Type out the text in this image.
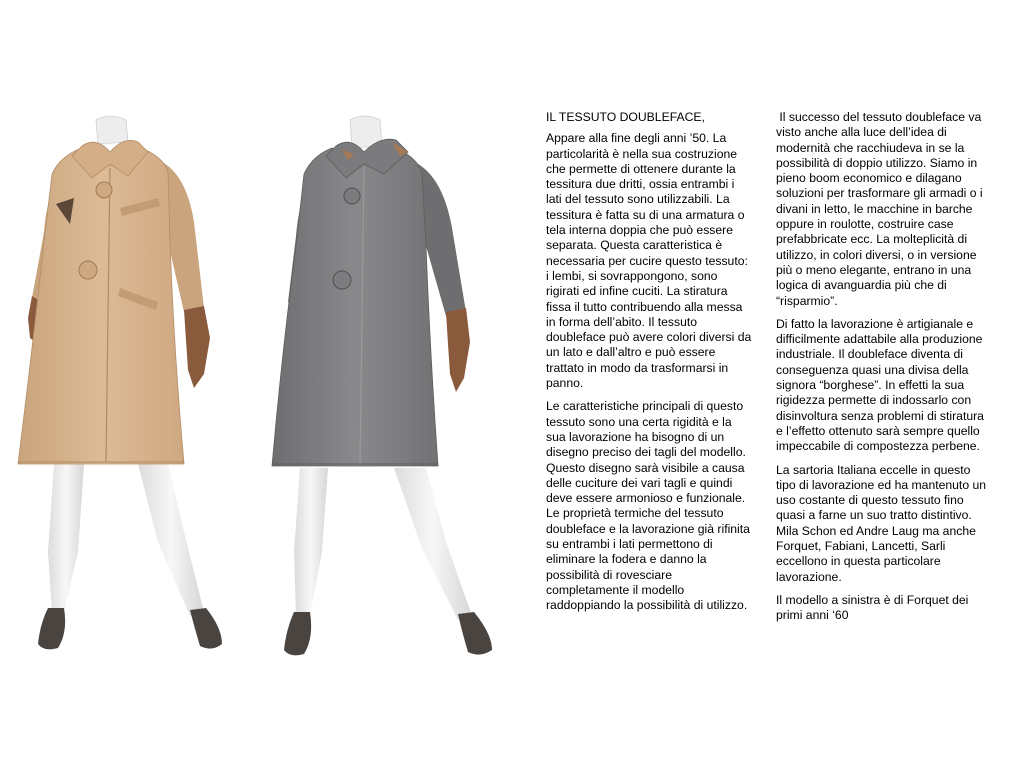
IL TESSUTO DOUBLEFACE,

Appare alla fine degli anni ’50. La particolarità è nella sua costruzione che permette di ottenere durante la tessitura due dritti, ossia entrambi i lati del tessuto sono utilizzabili. La tessitura è fatta su di una armatura o tela interna doppia che può essere separata. Questa caratteristica è necessaria per cucire questo tessuto: i lembi, si sovrappongono, sono rigirati ed infine cuciti. La stiratura fissa il tutto contribuendo alla messa in forma dell’abito. Il tessuto doubleface può avere colori diversi da un lato e dall’altro e può essere trattato in modo da trasformarsi in panno.

Le caratteristiche principali di questo tessuto sono una certa rigidità e la sua lavorazione ha bisogno di un disegno preciso dei tagli del modello. Questo disegno sarà visibile a causa delle cuciture dei vari tagli e quindi deve essere armonioso e funzionale. Le proprietà termiche del tessuto doubleface e la lavorazione già rifinita su entrambi i lati permettono di eliminare la fodera e danno la possibilità di rovesciare completamente il modello raddoppiando la possibilità di utilizzo.

Il successo del tessuto doubleface va visto anche alla luce dell’idea di modernità che racchiudeva in se la possibilità di doppio utilizzo. Siamo in pieno boom economico e dilagano soluzioni per trasformare gli armadi o i divani in letto, le macchine in barche oppure in roulotte, costruire case prefabbricate ecc. La molteplicità di utilizzo, in colori diversi, o in versione  più o meno elegante, entrano in una logica di avanguardia più che di “risparmio”.

Di fatto la lavorazione è artigianale e difficilmente adattabile alla produzione industriale. Il doubleface diventa di conseguenza quasi una divisa della signora “borghese”. In effetti la sua rigidezza permette di indossarlo con disinvoltura senza problemi di stiratura e l’effetto ottenuto sarà sempre quello impeccabile di compostezza perbene.

La sartoria Italiana eccelle in questo tipo di lavorazione ed ha mantenuto un uso costante di questo tessuto fino quasi a farne un suo tratto distintivo. Mila Schon ed Andre Laug ma anche Forquet, Fabiani, Lancetti, Sarli eccellono in questa particolare lavorazione.

Il modello a sinistra è di Forquet dei primi anni ‘60
